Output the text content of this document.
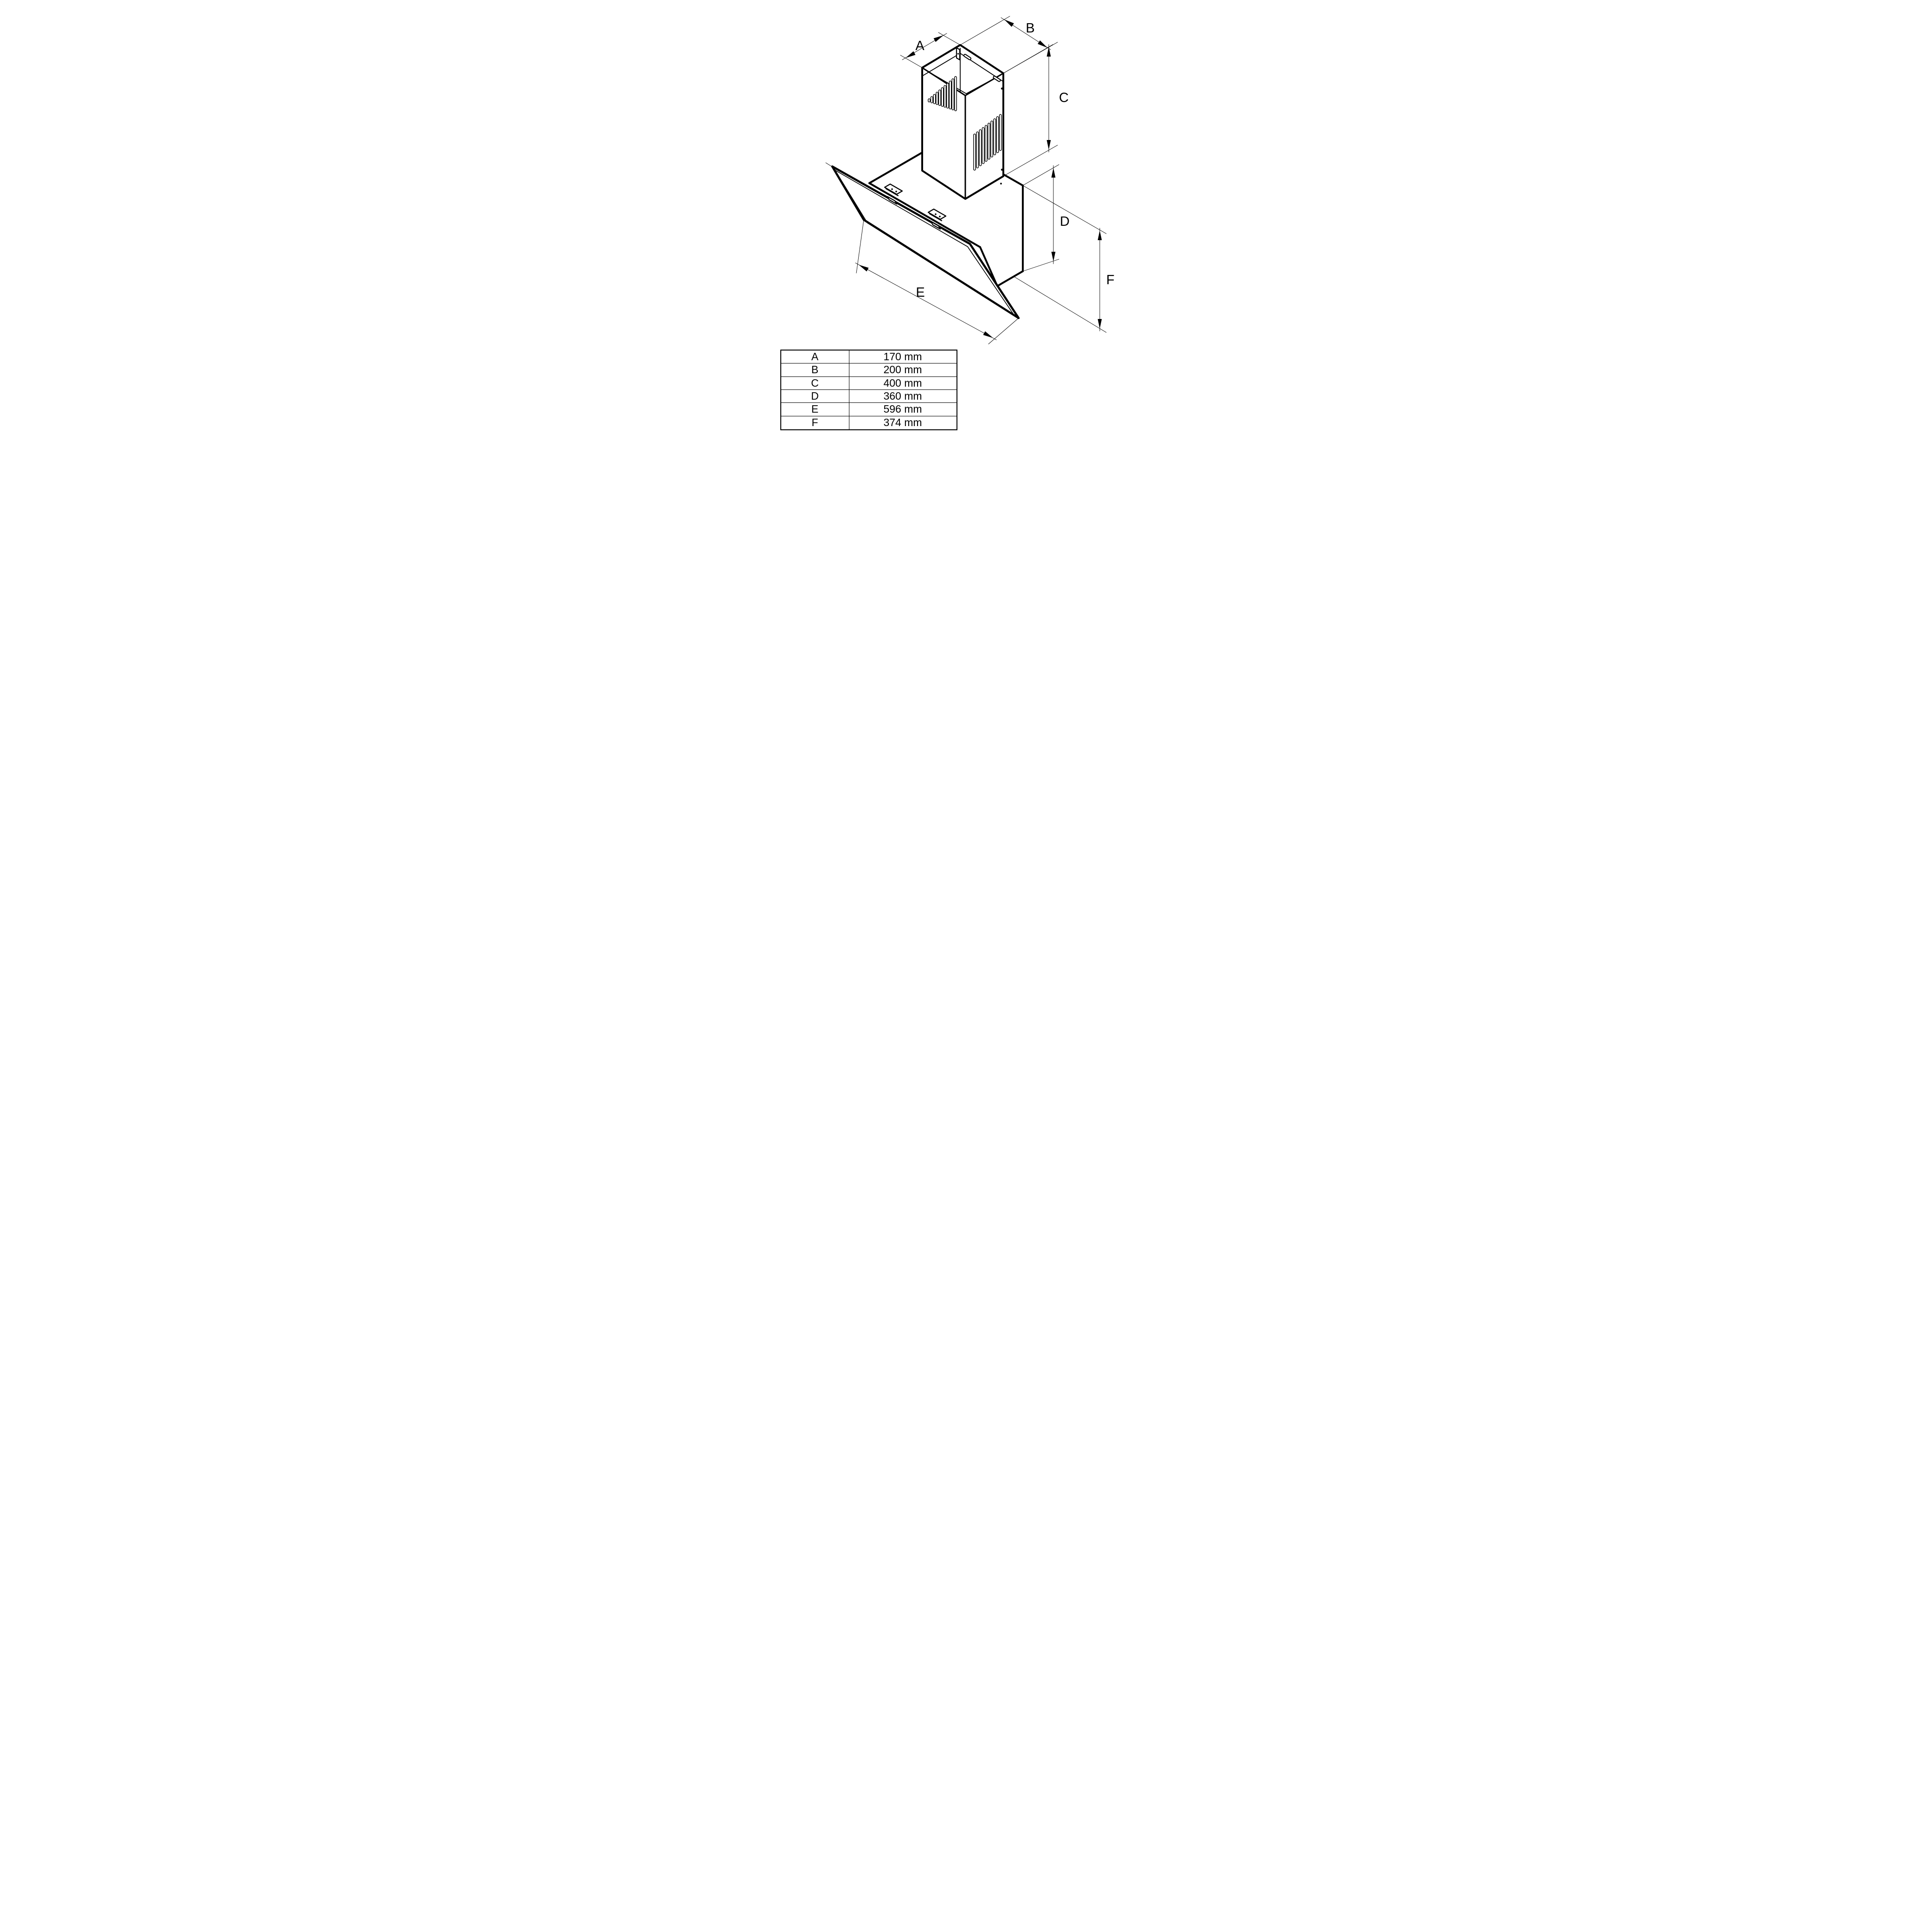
A
B
C
D
E
F
A	170 mm
B	200 mm
C	400 mm
D	360 mm
E	596 mm
F	374 mm
